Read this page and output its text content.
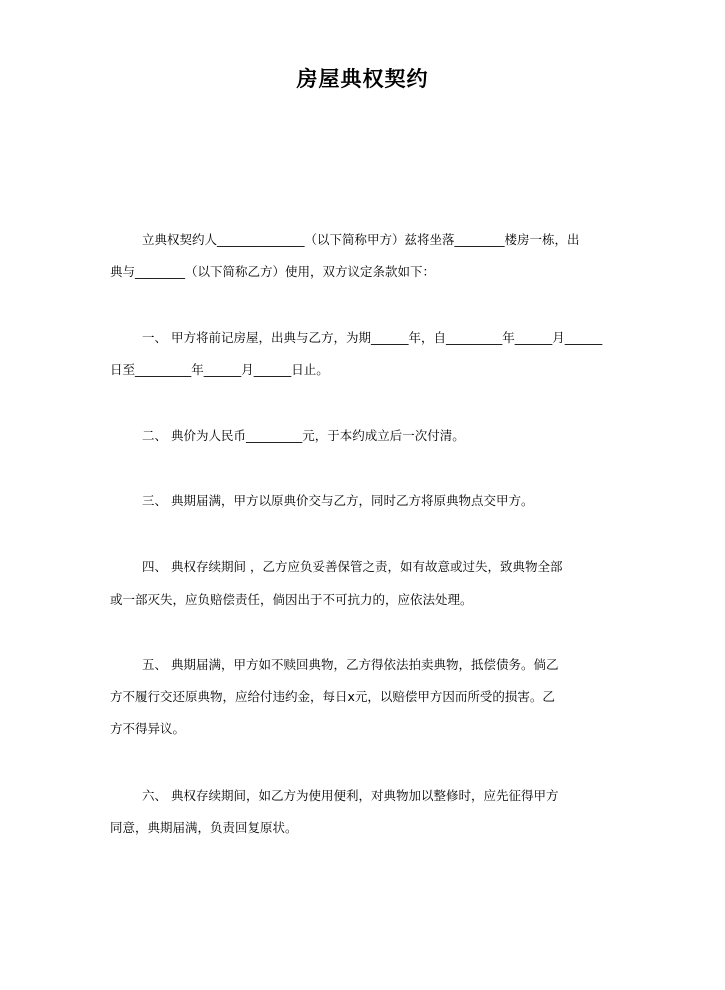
房屋典权契约
立典权契约人______________（以下简称甲方）兹将坐落________楼房一栋，出
典与________（以下简称乙方）使用，双方议定条款如下：
一、 甲方将前记房屋，出典与乙方，为期______年，自_________年______月______
日至_________年______月______日止。
二、 典价为人民币_________元，于本约成立后一次付清。
三、 典期届满，甲方以原典价交与乙方，同时乙方将原典物点交甲方。
四、 典权存续期间 ，乙方应负妥善保管之责，如有故意或过失，致典物全部
或一部灭失，应负赔偿责任，倘因出于不可抗力的，应依法处理。
五、 典期届满，甲方如不赎回典物，乙方得依法拍卖典物，抵偿债务。倘乙
方不履行交还原典物，应给付违约金，每日x元，以赔偿甲方因而所受的损害。乙
方不得异议。
六、 典权存续期间，如乙方为使用便利，对典物加以整修时，应先征得甲方
同意，典期届满，负责回复原状。
